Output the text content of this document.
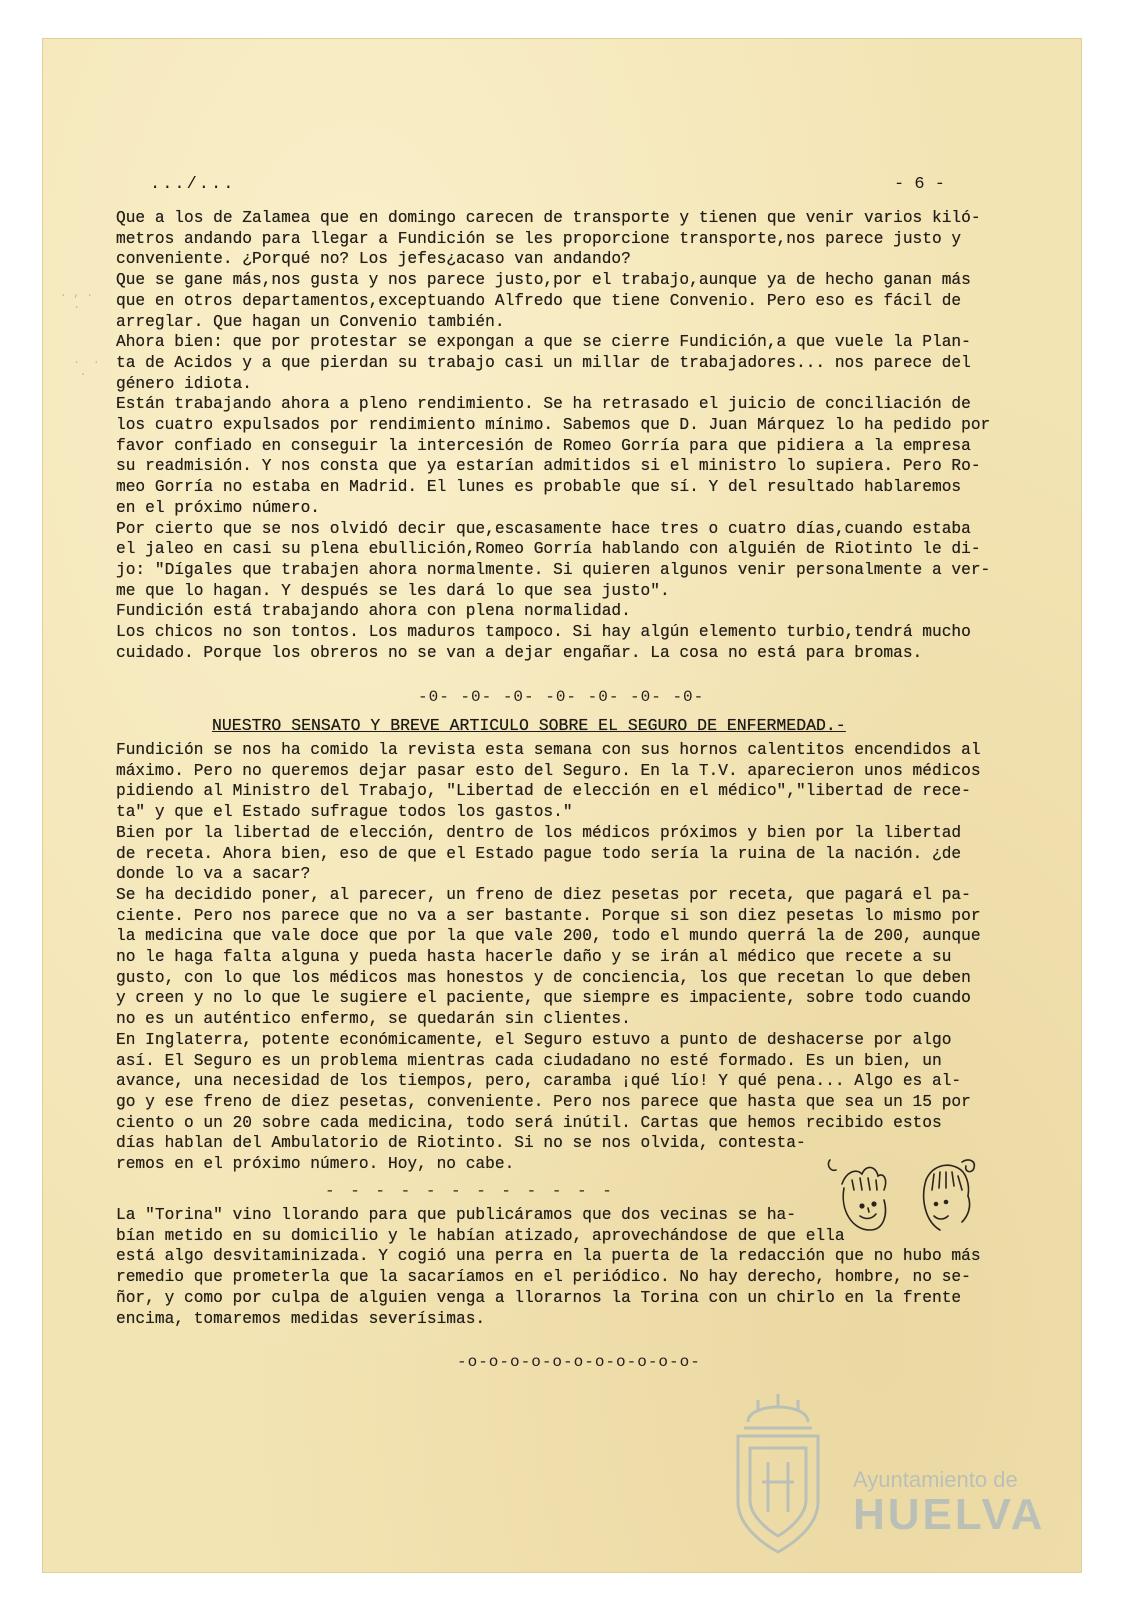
. , .
.
.  .
.
.../...	- 6 -
Que a los de Zalamea que en domingo carecen de transporte y tienen que venir varios kiló-
metros andando para llegar a Fundición se les proporcione transporte,nos parece justo y
conveniente. ¿Porqué no? Los jefes¿acaso van andando?
Que se gane más,nos gusta y nos parece justo,por el trabajo,aunque ya de hecho ganan más
que en otros departamentos,exceptuando Alfredo que tiene Convenio. Pero eso es fácil de
arreglar. Que hagan un Convenio también.
Ahora bien: que por protestar se expongan a que se cierre Fundición,a que vuele la Plan-
ta de Acidos y a que pierdan su trabajo casi un millar de trabajadores... nos parece del
género idiota.
Están trabajando ahora a pleno rendimiento. Se ha retrasado el juicio de conciliación de
los cuatro expulsados por rendimiento mínimo. Sabemos que D. Juan Márquez lo ha pedido por
favor confiado en conseguir la intercesión de Romeo Gorría para que pidiera a la empresa
su readmisión. Y nos consta que ya estarían admitidos si el ministro lo supiera. Pero Ro-
meo Gorría no estaba en Madrid. El lunes es probable que sí. Y del resultado hablaremos
en el próximo número.
Por cierto que se nos olvidó decir que,escasamente hace tres o cuatro días,cuando estaba
el jaleo en casi su plena ebullición,Romeo Gorría hablando con alguién de Riotinto le di-
jo: "Dígales que trabajen ahora normalmente. Si quieren algunos venir personalmente a ver-
me que lo hagan. Y después se les dará lo que sea justo".
Fundición está trabajando ahora con plena normalidad.
Los chicos no son tontos. Los maduros tampoco. Si hay algún elemento turbio,tendrá mucho
cuidado. Porque los obreros no se van a dejar engañar. La cosa no está para bromas.
-0- -0- -0- -0- -0- -0- -0-
NUESTRO SENSATO Y BREVE ARTICULO SOBRE EL SEGURO DE ENFERMEDAD.-
Fundición se nos ha comido la revista esta semana con sus hornos calentitos encendidos al
máximo. Pero no queremos dejar pasar esto del Seguro. En la T.V. aparecieron unos médicos
pidiendo al Ministro del Trabajo, "Libertad de elección en el médico","libertad de rece-
ta" y que el Estado sufrague todos los gastos."
Bien por la libertad de elección, dentro de los médicos próximos y bien por la libertad
de receta. Ahora bien, eso de que el Estado pague todo sería la ruina de la nación. ¿de
donde lo va a sacar?
Se ha decidido poner, al parecer, un freno de diez pesetas por receta, que pagará el pa-
ciente. Pero nos parece que no va a ser bastante. Porque si son diez pesetas lo mismo por
la medicina que vale doce que por la que vale 200, todo el mundo querrá la de 200, aunque
no le haga falta alguna y pueda hasta hacerle daño y se irán al médico que recete a su
gusto, con lo que los médicos mas honestos y de conciencia, los que recetan lo que deben
y creen y no lo que le sugiere el paciente, que siempre es impaciente, sobre todo cuando
no es un auténtico enfermo, se quedarán sin clientes.
En Inglaterra, potente económicamente, el Seguro estuvo a punto de deshacerse por algo
así. El Seguro es un problema mientras cada ciudadano no esté formado. Es un bien, un
avance, una necesidad de los tiempos, pero, caramba ¡qué lío! Y qué pena... Algo es al-
go y ese freno de diez pesetas, conveniente. Pero nos parece que hasta que sea un 15 por
ciento o un 20 sobre cada medicina, todo será inútil. Cartas que hemos recibido estos
días hablan del Ambulatorio de Riotinto. Si no se nos olvida, contesta-
remos en el próximo número. Hoy, no cabe.
- - - - - - - - - - - -
La "Torina" vino llorando para que publicáramos que dos vecinas se ha-
bían metido en su domicilio y le habían atizado, aprovechándose de que ella
está algo desvitaminizada. Y cogió una perra en la puerta de la redacción que no hubo más
remedio que prometerla que la sacaríamos en el periódico. No hay derecho, hombre, no se-
ñor, y como por culpa de alguien venga a llorarnos la Torina con un chirlo en la frente
encima, tomaremos medidas severísimas.
-o-o-o-o-o-o-o-o-o-o-o-
Ayuntamiento de
HUELVA
